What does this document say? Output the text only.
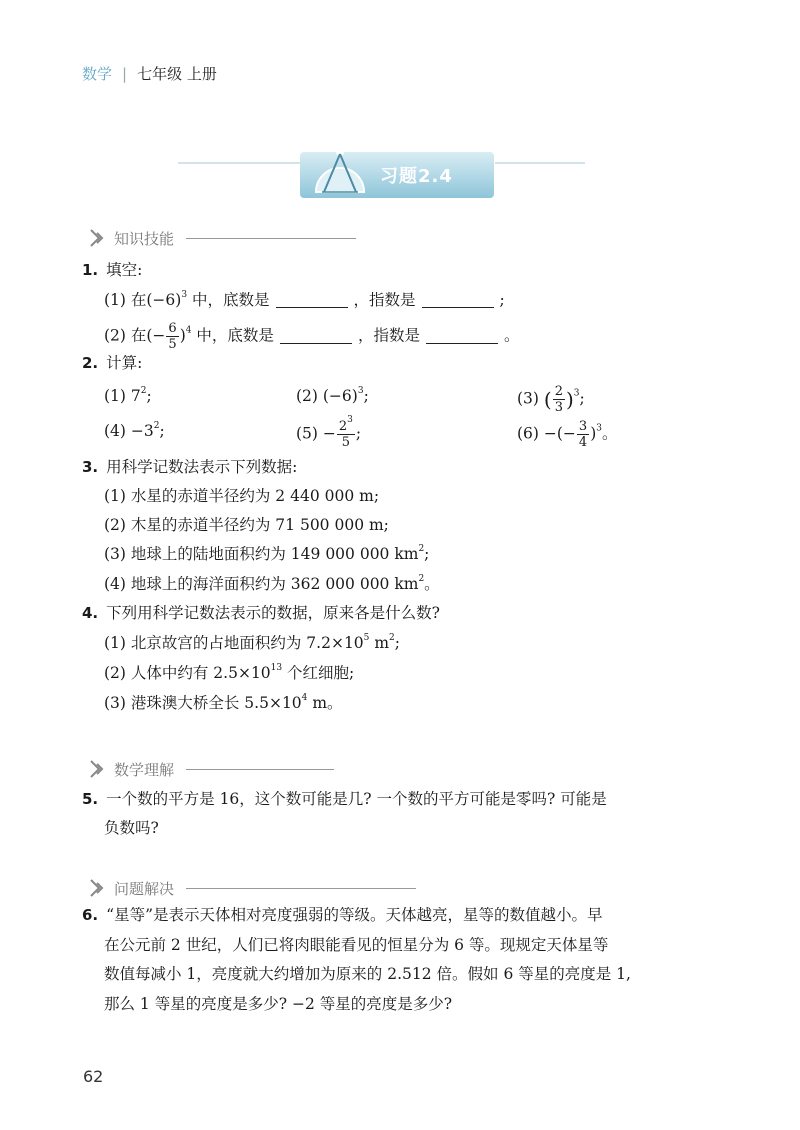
数学 | 七年级 上册
习题2.4
知识技能
1. 填空:
(1) 在$(-6)^3$ 中，底数是	，指数是	;
(2) 在(− $\frac{6}{5} )^4$ 中，底数是	，指数是	。
2. 计算:
(1) $7^2$;	(2) $(-6)^3$;	(3) ( $\frac{2}{3} )^3$;
$(4) -3^2$;	$(5) - \frac{2^3}{5}$ ;	(6) −(− $\frac{3}{4} )^3$。
3. 用科学记数法表示下列数据:
(1) 水星的赤道半径约为 2 440 000 m;
(2) 木星的赤道半径约为 71 500 000 m;
(3) 地球上的陆地面积约为 149 000 000 $km^2$;
(4) 地球上的海洋面积约为 362 000 000 $km^2$。
4. 下列用科学记数法表示的数据，原来各是什么数?
(1) 北京故宫的占地面积约为 $7.2\times 10^5$ $m^2$;
(2) 人体中约有 $2.5\times 10^{13}$ 个红细胞;
(3) 港珠澳大桥全长 $5.5\times 10^4$ m。
数学理解
5. 一个数的平方是 16，这个数可能是几? 一个数的平方可能是零吗? 可能是
负数吗?
问题解决
6. “星等”是表示天体相对亮度强弱的等级。天体越亮，星等的数值越小。早
在公元前 2 世纪，人们已将肉眼能看见的恒星分为 6 等。现规定天体星等
数值每减小 1，亮度就大约增加为原来的 2.512 倍。假如 6 等星的亮度是 1,
那么 1 等星的亮度是多少? −2 等星的亮度是多少?
62
